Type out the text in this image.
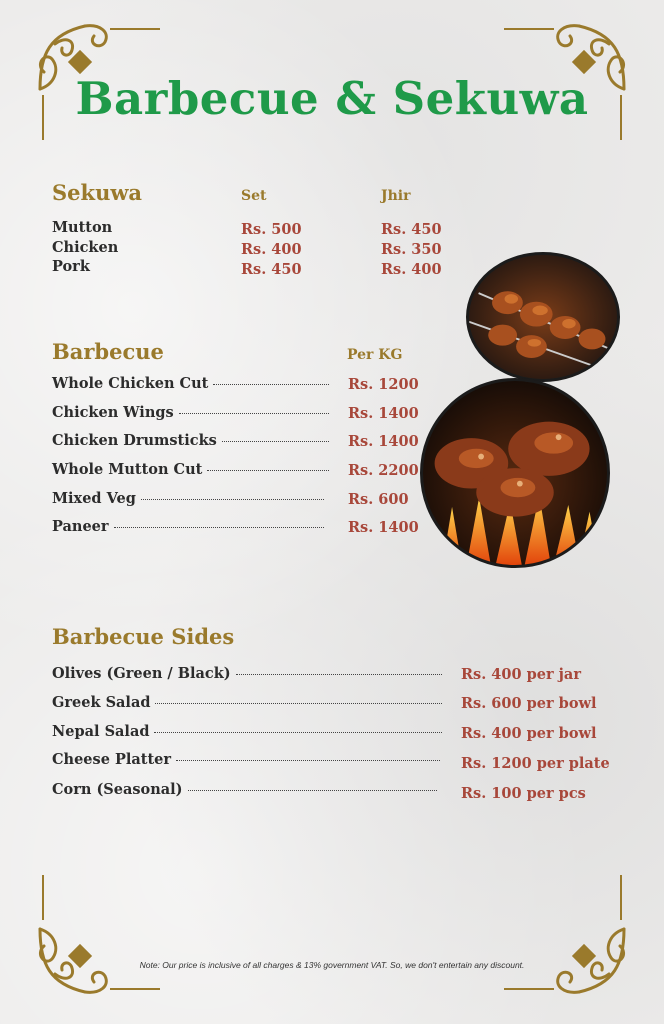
Barbecue & Sekuwa
Sekuwa	Set	Jhir
Mutton	Rs. 500	Rs. 450
Chicken	Rs. 400	Rs. 350
Pork	Rs. 450	Rs. 400
Barbecue	Per KG
Whole Chicken Cut	Rs. 1200
Chicken Wings	Rs. 1400
Chicken Drumsticks	Rs. 1400
Whole Mutton Cut	Rs. 2200
Mixed Veg	Rs. 600
Paneer	Rs. 1400
Barbecue Sides
Olives (Green / Black)	Rs. 400 per jar
Greek Salad	Rs. 600 per bowl
Nepal Salad	Rs. 400 per bowl
Cheese Platter	Rs. 1200 per plate
Corn (Seasonal)	Rs. 100 per pcs
Note: Our price is inclusive of all charges & 13% government VAT. So, we don't entertain any discount.
